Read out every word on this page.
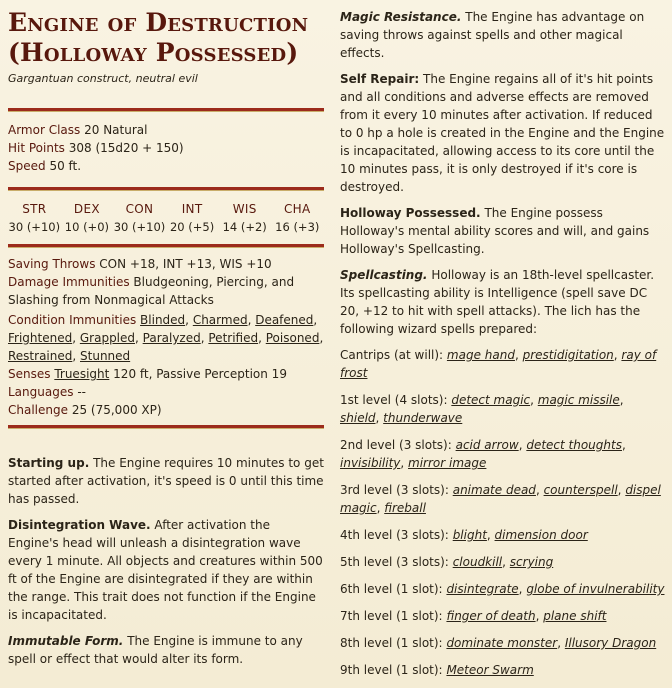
Engine of Destruction
(Holloway Possessed)
Gargantuan construct, neutral evil

Armor Class 20 Natural

Hit Points 308 (15d20 + 150)

Speed 50 ft.

STR
30 (+10)
DEX
10 (+0)
CON
30 (+10)
INT
20 (+5)
WIS
14 (+2)
CHA
16 (+3)

Saving Throws CON +18, INT +13, WIS +10

Damage Immunities Bludgeoning, Piercing, and Slashing from Nonmagical Attacks

Condition Immunities Blinded, Charmed, Deafened, Frightened, Grappled, Paralyzed, Petrified, Poisoned, Restrained, Stunned

Senses Truesight 120 ft, Passive Perception 19

Languages --

Challenge 25 (75,000 XP)

Starting up. The Engine requires 10 minutes to get started after activation, it's speed is 0 until this time has passed.

Disintegration Wave. After activation the Engine's head will unleash a disintegration wave every 1 minute. All objects and creatures within 500 ft of the Engine are disintegrated if they are within the range. This trait does not function if the Engine is incapacitated.

Immutable Form. The Engine is immune to any spell or effect that would alter its form.

Magic Resistance. The Engine has advantage on saving throws against spells and other magical effects.

Self Repair: The Engine regains all of it's hit points and all conditions and adverse effects are removed from it every 10 minutes after activation. If reduced to 0 hp a hole is created in the Engine and the Engine is incapacitated, allowing access to its core until the 10 minutes pass, it is only destroyed if it's core is destroyed.

Holloway Possessed. The Engine possess Holloway's mental ability scores and will, and gains Holloway's Spellcasting.

Spellcasting. Holloway is an 18th-level spellcaster. Its spellcasting ability is Intelligence (spell save DC 20, +12 to hit with spell attacks). The lich has the following wizard spells prepared:

Cantrips (at will): mage hand, prestidigitation, ray of frost

1st level (4 slots): detect magic, magic missile, shield, thunderwave

2nd level (3 slots): acid arrow, detect thoughts, invisibility, mirror image

3rd level (3 slots): animate dead, counterspell, dispel magic, fireball

4th level (3 slots): blight, dimension door

5th level (3 slots): cloudkill, scrying

6th level (1 slot): disintegrate, globe of invulnerability

7th level (1 slot): finger of death, plane shift

8th level (1 slot): dominate monster, Illusory Dragon

9th level (1 slot): Meteor Swarm
